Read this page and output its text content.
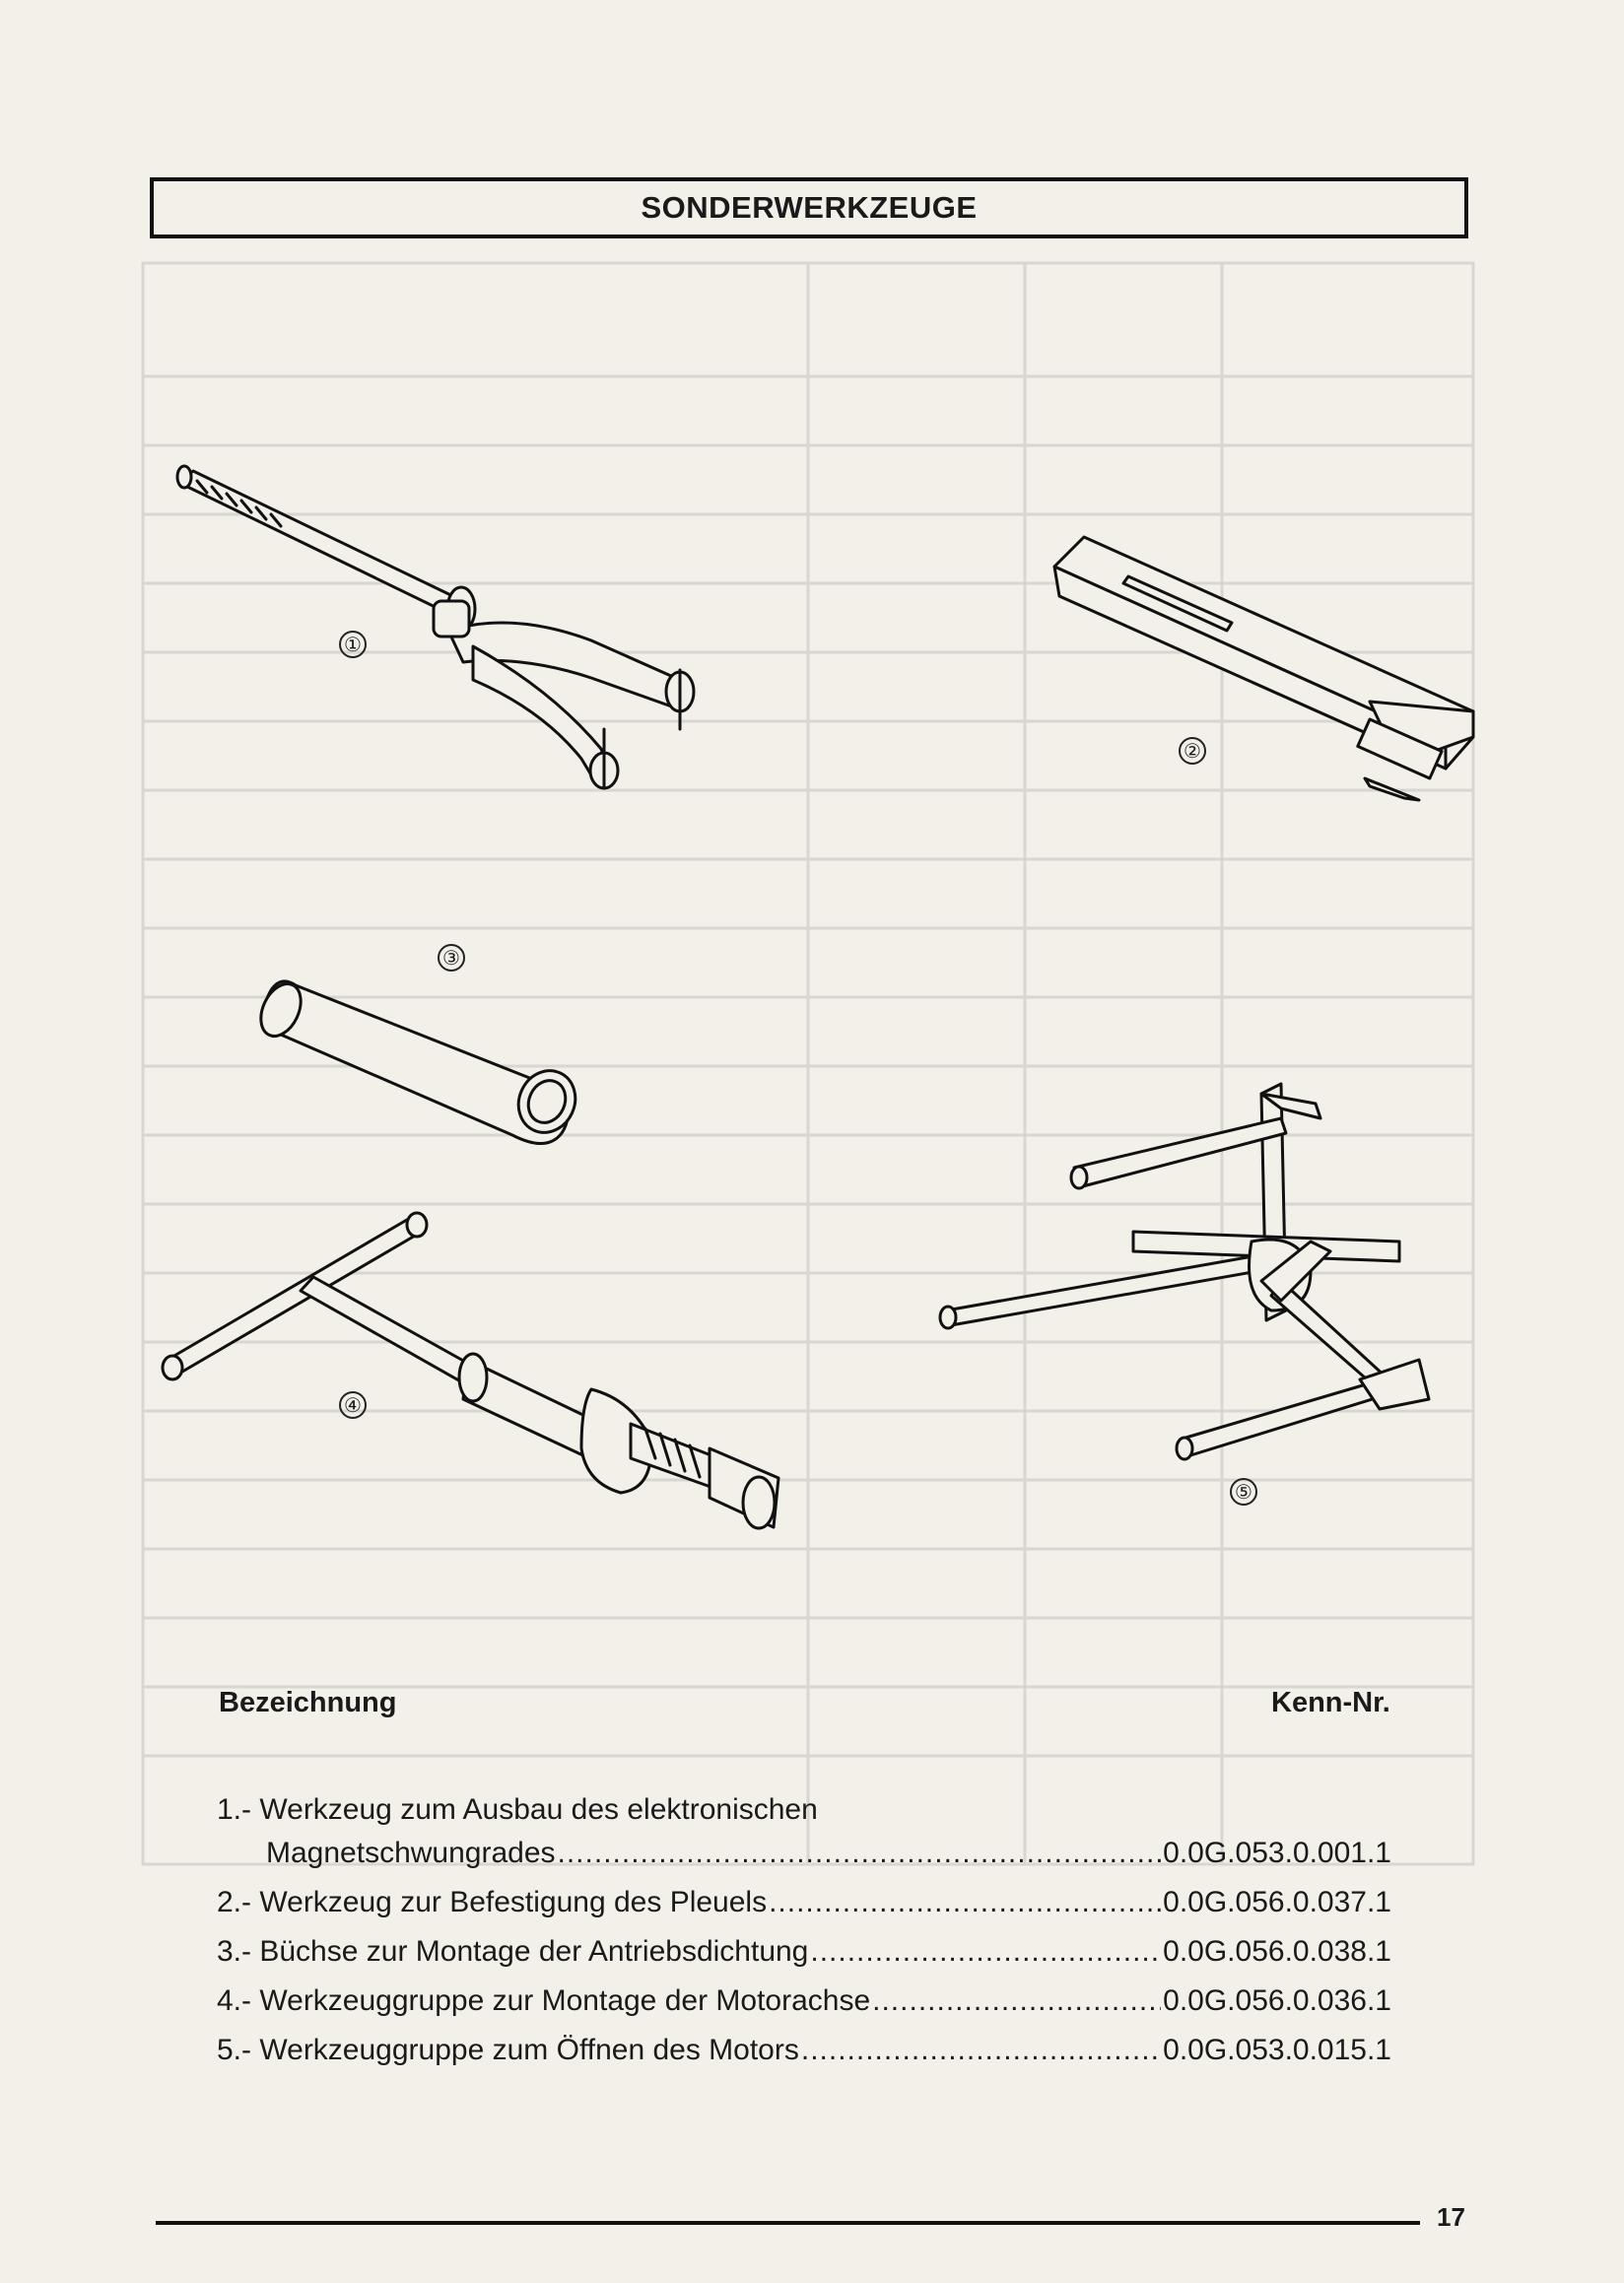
SONDERWERKZEUGE
①
②
③
④
⑤
Bezeichnung	Kenn-Nr.
1.- Werkzeug zum Ausbau des elektronischen
Magnetschwungrades .....	0.0G.053.0.001.1
2.- Werkzeug zur Befestigung des Pleuels .....	0.0G.056.0.037.1
3.- Büchse zur Montage der Antriebsdichtung .....	0.0G.056.0.038.1
4.- Werkzeuggruppe zur Montage der Motorachse .....	0.0G.056.0.036.1
5.- Werkzeuggruppe zum Öffnen des Motors .....	0.0G.053.0.015.1
17
